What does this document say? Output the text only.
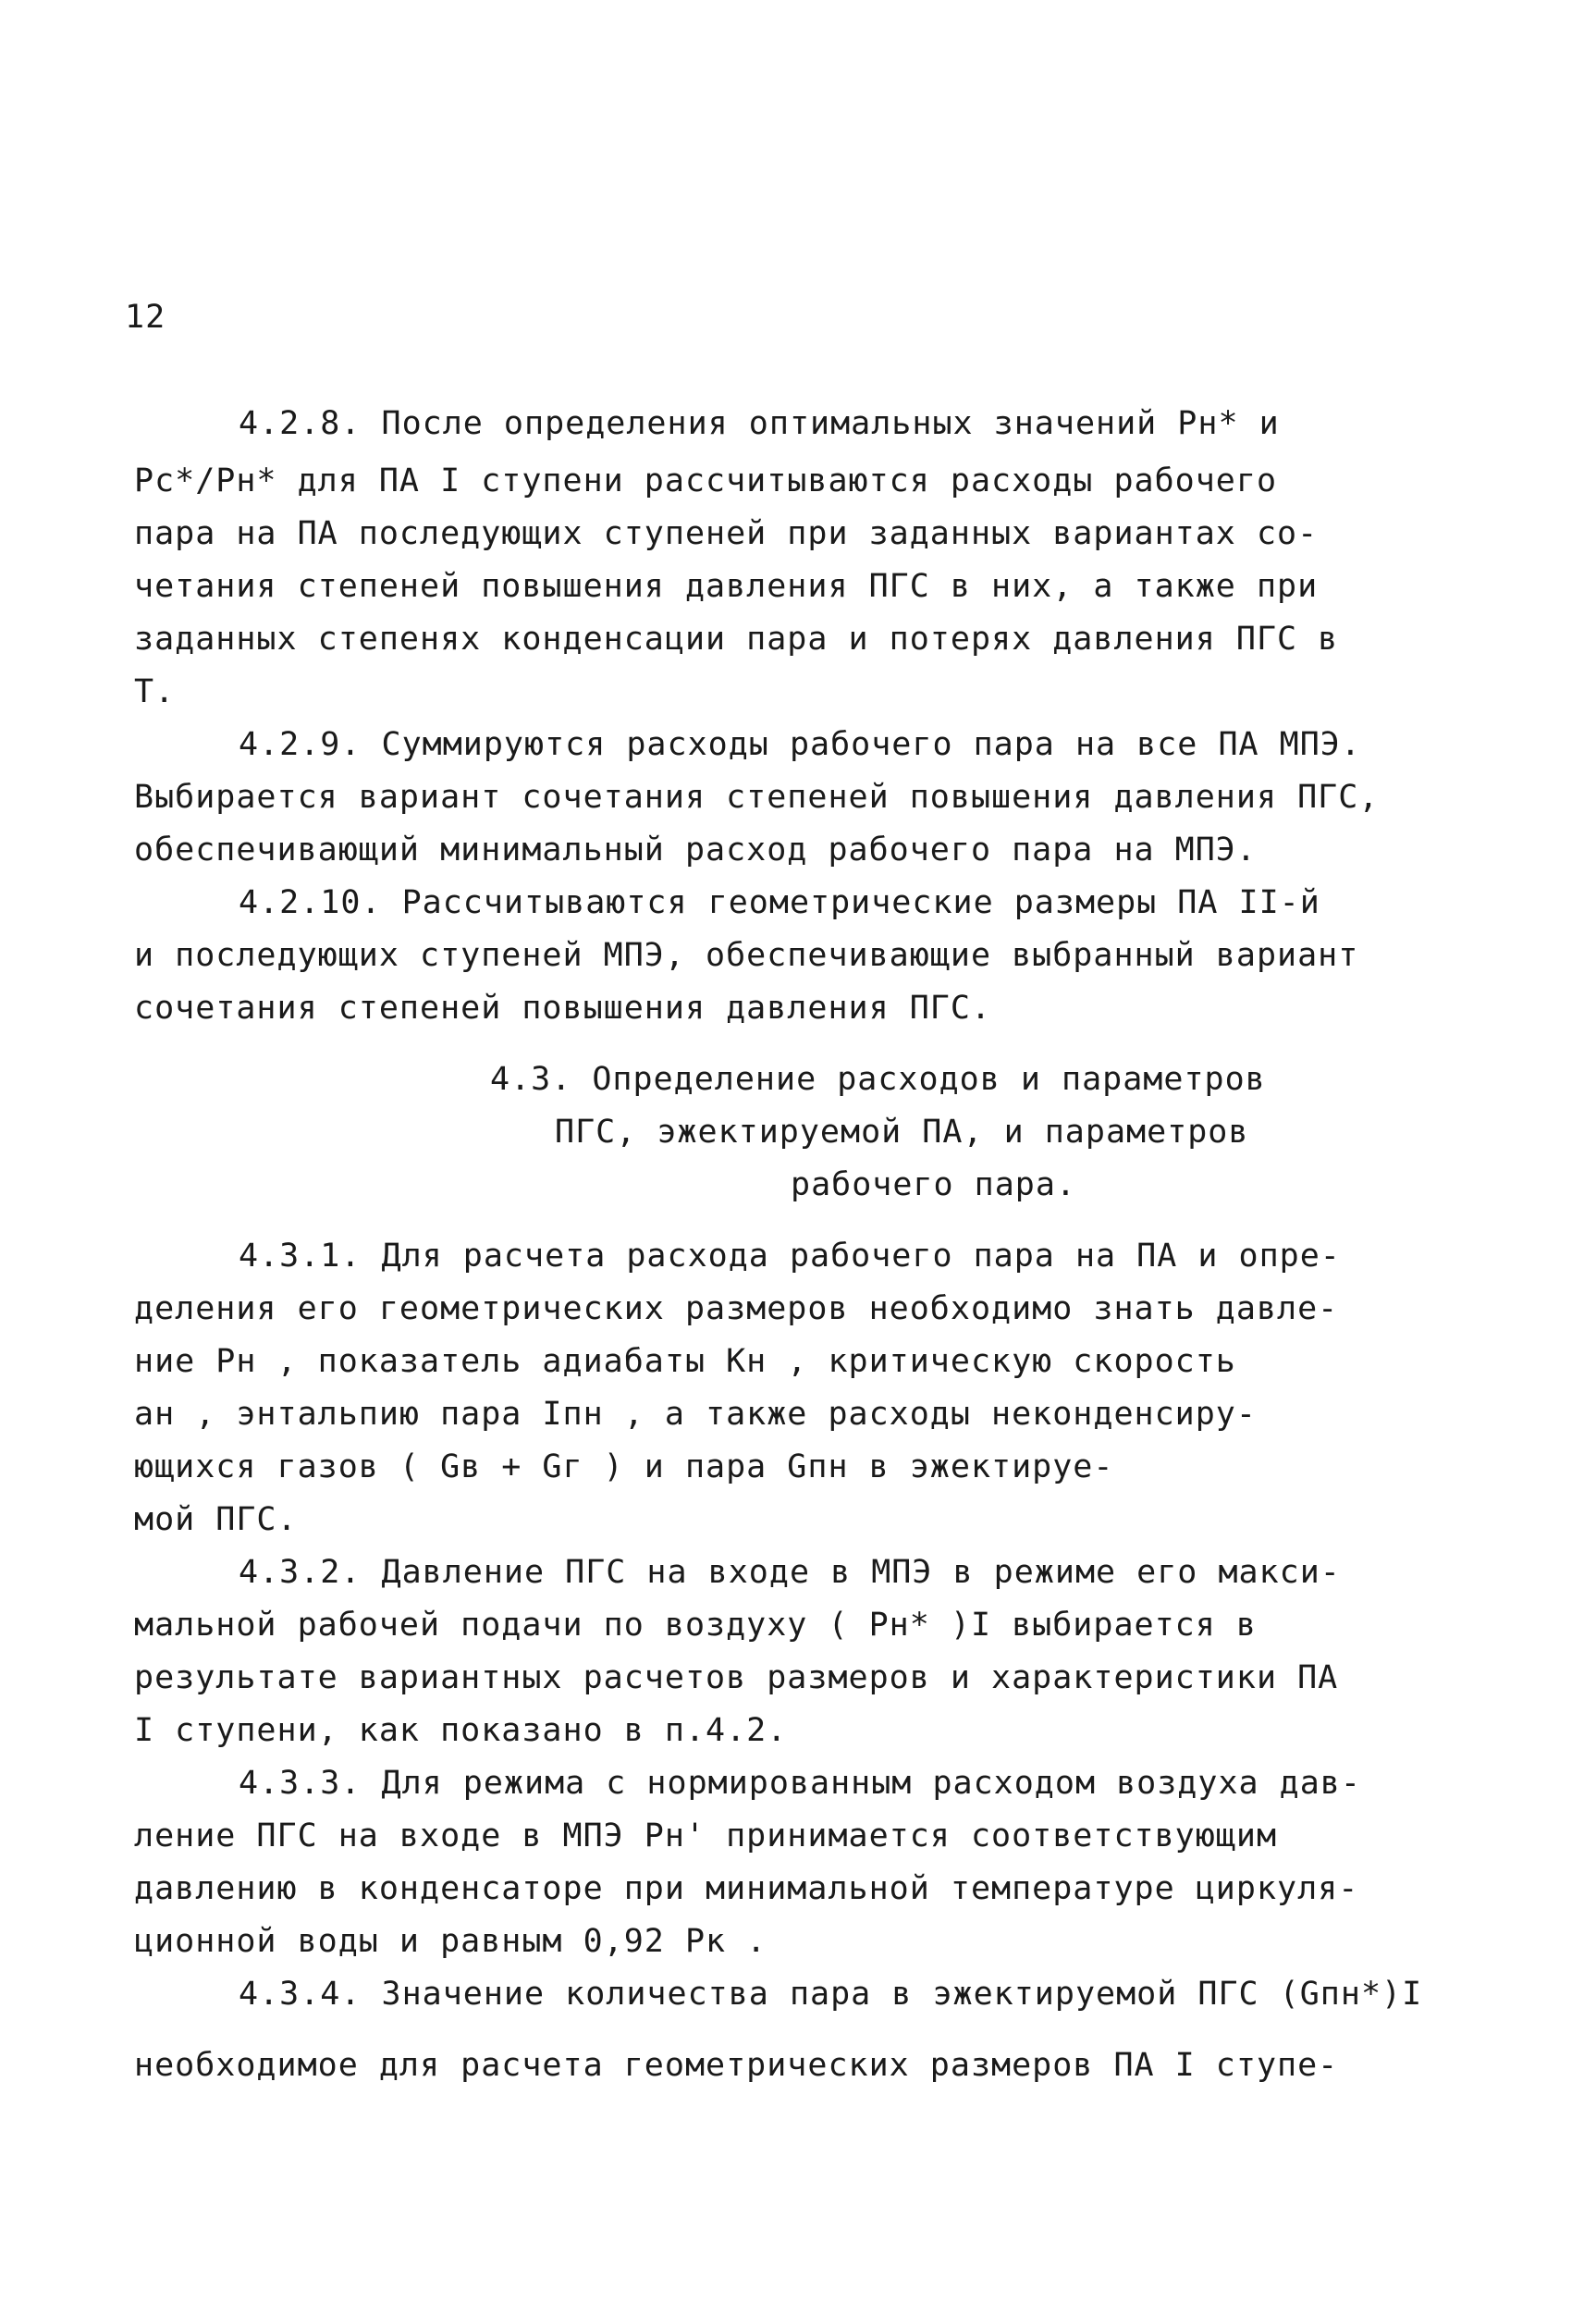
12
4.2.8. После определения оптимальных значений Рн* и
Рс*/Рн* для ПА I ступени рассчитываются расходы рабочего
пара на ПА последующих ступеней при заданных вариантах со-
четания степеней повышения давления ПГС в них, а также при
заданных степенях конденсации пара и потерях давления ПГС в
Т.
4.2.9. Суммируются расходы рабочего пара на все ПА МПЭ.
Выбирается вариант сочетания степеней повышения давления ПГС,
обеспечивающий минимальный расход рабочего пара на МПЭ.
4.2.10. Рассчитываются геометрические размеры ПА II-й
и последующих ступеней МПЭ, обеспечивающие выбранный вариант
сочетания степеней повышения давления ПГС.
4.3. Определение расходов и параметров
ПГС, эжектируемой ПА, и параметров
рабочего пара.
4.3.1. Для расчета расхода рабочего пара на ПА и опре-
деления его геометрических размеров необходимо знать давле-
ние Рн , показатель адиабаты Кн , критическую скорость
ан , энтальпию пара Iпн , а также расходы неконденсиру-
ющихся газов ( Gв + Gг ) и пара Gпн в эжектируе-
мой ПГС.
4.3.2. Давление ПГС на входе в МПЭ в режиме его макси-
мальной рабочей подачи по воздуху ( Рн* )I выбирается в
результате вариантных расчетов размеров и характеристики ПА
I ступени, как показано в п.4.2.
4.3.3. Для режима с нормированным расходом воздуха дав-
ление ПГС на входе в МПЭ Рн' принимается соответствующим
давлению в конденсаторе при минимальной температуре циркуля-
ционной воды и равным 0,92 Рк .
4.3.4. Значение количества пара в эжектируемой ПГС (Gпн*)I
необходимое для расчета геометрических размеров ПА I ступе-
